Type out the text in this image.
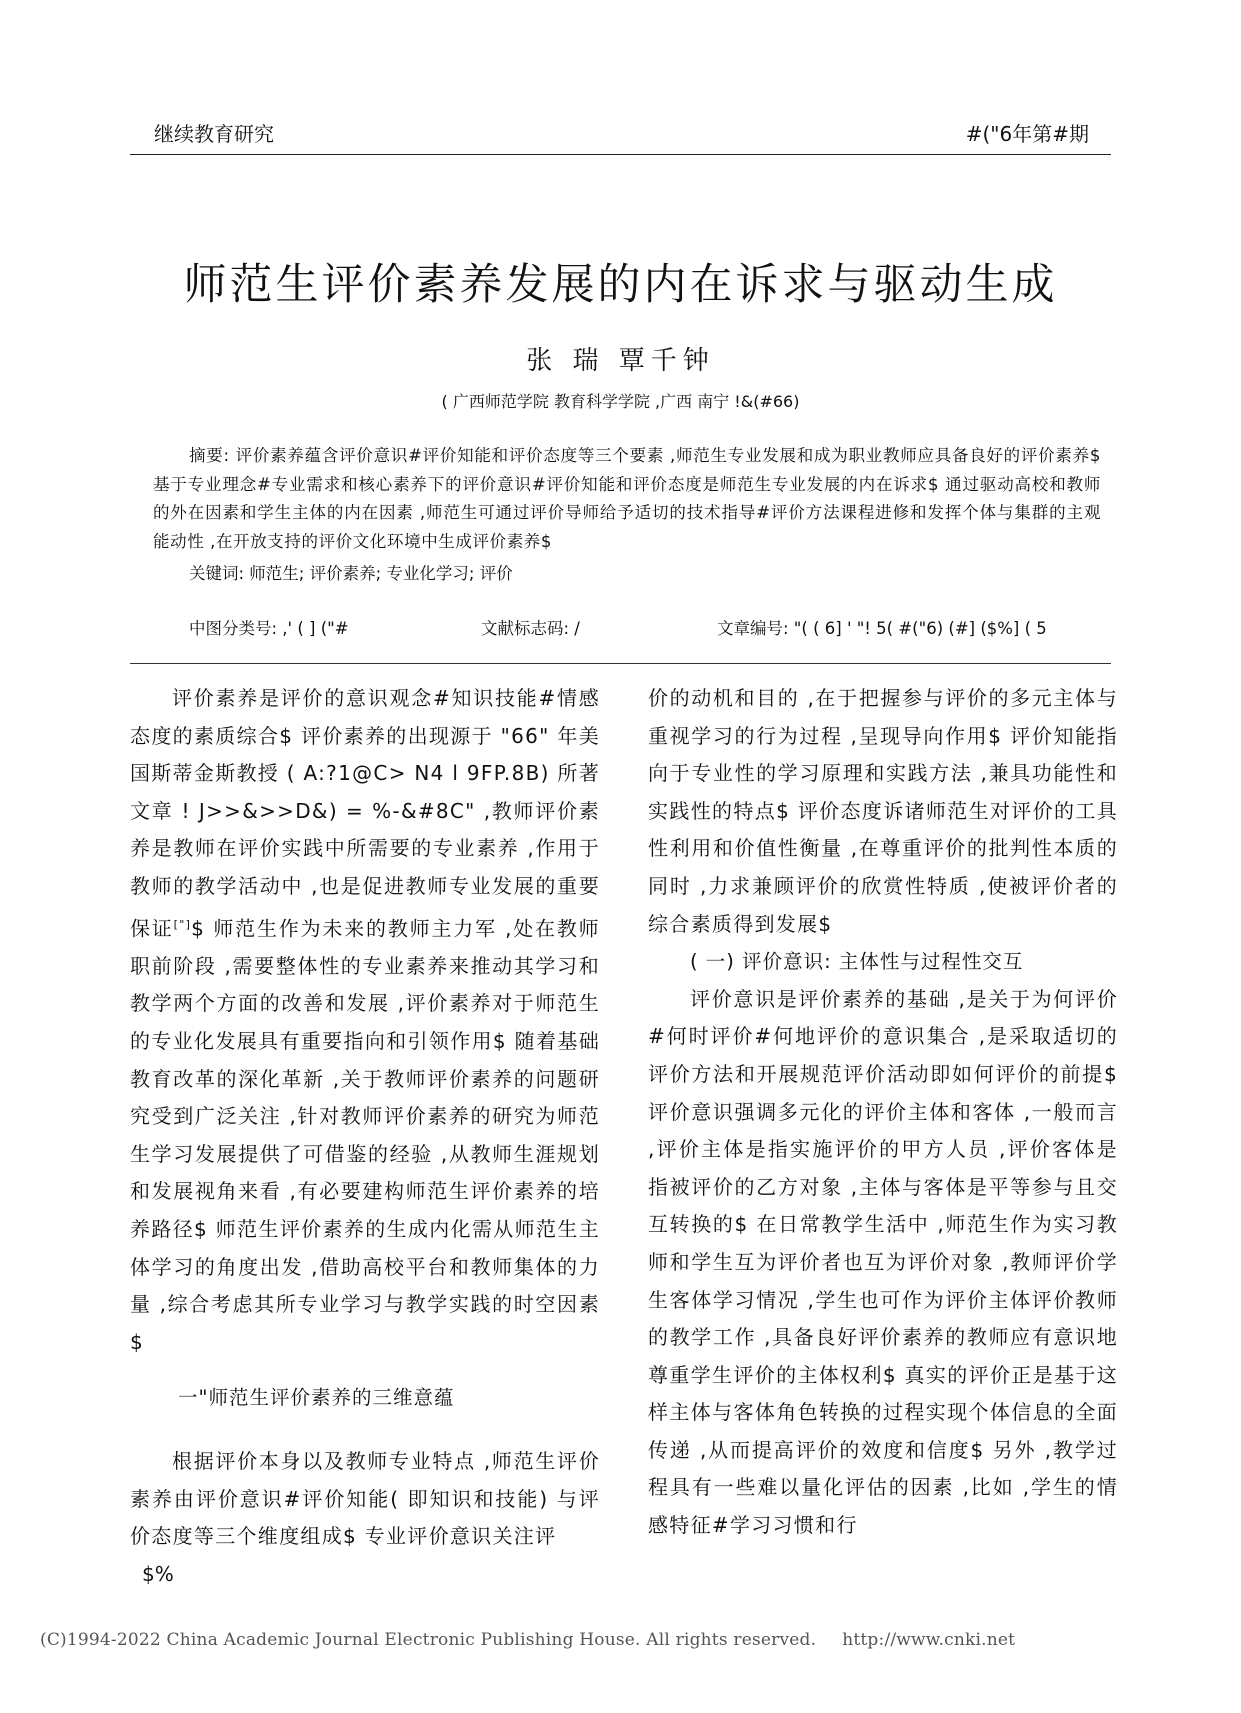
继续教育研究	#("6年第#期
师范生评价素养发展的内在诉求与驱动生成
张 瑞 覃千钟
( 广西师范学院 教育科学学院 ,广西 南宁 !&(#66)

摘要: 评价素养蕴含评价意识#评价知能和评价态度等三个要素 ,师范生专业发展和成为职业教师应具备良好的评价素养$ 基于专业理念#专业需求和核心素养下的评价意识#评价知能和评价态度是师范生专业发展的内在诉求$ 通过驱动高校和教师的外在因素和学生主体的内在因素 ,师范生可通过评价导师给予适切的技术指导#评价方法课程进修和发挥个体与集群的主观能动性 ,在开放支持的评价文化环境中生成评价素养$

关键词: 师范生; 评价素养; 专业化学习; 评价

中图分类号: ,' ( ] ("#	文献标志码: /	文章编号: "( ( 6] ' "! 5( #("6) (#] ($%] ( 5

评价素养是评价的意识观念#知识技能#情感态度的素质综合$ 评价素养的出现源于 "66" 年美国斯蒂金斯教授 ( A:?1@C> N4 l 9FP.8B) 所著文章 ! J>>&>>D&) = %-&#8C" ,教师评价素养是教师在评价实践中所需要的专业素养 ,作用于教师的教学活动中 ,也是促进教师专业发展的重要保证["]$ 师范生作为未来的教师主力军 ,处在教师职前阶段 ,需要整体性的专业素养来推动其学习和教学两个方面的改善和发展 ,评价素养对于师范生的专业化发展具有重要指向和引领作用$ 随着基础教育改革的深化革新 ,关于教师评价素养的问题研究受到广泛关注 ,针对教师评价素养的研究为师范生学习发展提供了可借鉴的经验 ,从教师生涯规划和发展视角来看 ,有必要建构师范生评价素养的培养路径$ 师范生评价素养的生成内化需从师范生主体学习的角度出发 ,借助高校平台和教师集体的力量 ,综合考虑其所专业学习与教学实践的时空因素$

一"师范生评价素养的三维意蕴

根据评价本身以及教师专业特点 ,师范生评价素养由评价意识#评价知能( 即知识和技能) 与评价态度等三个维度组成$ 专业评价意识关注评

$%

价的动机和目的 ,在于把握参与评价的多元主体与重视学习的行为过程 ,呈现导向作用$ 评价知能指向于专业性的学习原理和实践方法 ,兼具功能性和实践性的特点$ 评价态度诉诸师范生对评价的工具性利用和价值性衡量 ,在尊重评价的批判性本质的同时 ,力求兼顾评价的欣赏性特质 ,使被评价者的综合素质得到发展$

( 一) 评价意识: 主体性与过程性交互

评价意识是评价素养的基础 ,是关于为何评价#何时评价#何地评价的意识集合 ,是采取适切的评价方法和开展规范评价活动即如何评价的前提$ 评价意识强调多元化的评价主体和客体 ,一般而言 ,评价主体是指实施评价的甲方人员 ,评价客体是指被评价的乙方对象 ,主体与客体是平等参与且交互转换的$ 在日常教学生活中 ,师范生作为实习教师和学生互为评价者也互为评价对象 ,教师评价学生客体学习情况 ,学生也可作为评价主体评价教师的教学工作 ,具备良好评价素养的教师应有意识地尊重学生评价的主体权利$ 真实的评价正是基于这样主体与客体角色转换的过程实现个体信息的全面传递 ,从而提高评价的效度和信度$ 另外 ,教学过程具有一些难以量化评估的因素 ,比如 ,学生的情感特征#学习习惯和行

(C)1994-2022 China Academic Journal Electronic Publishing House. All rights reserved. http://www.cnki.net
